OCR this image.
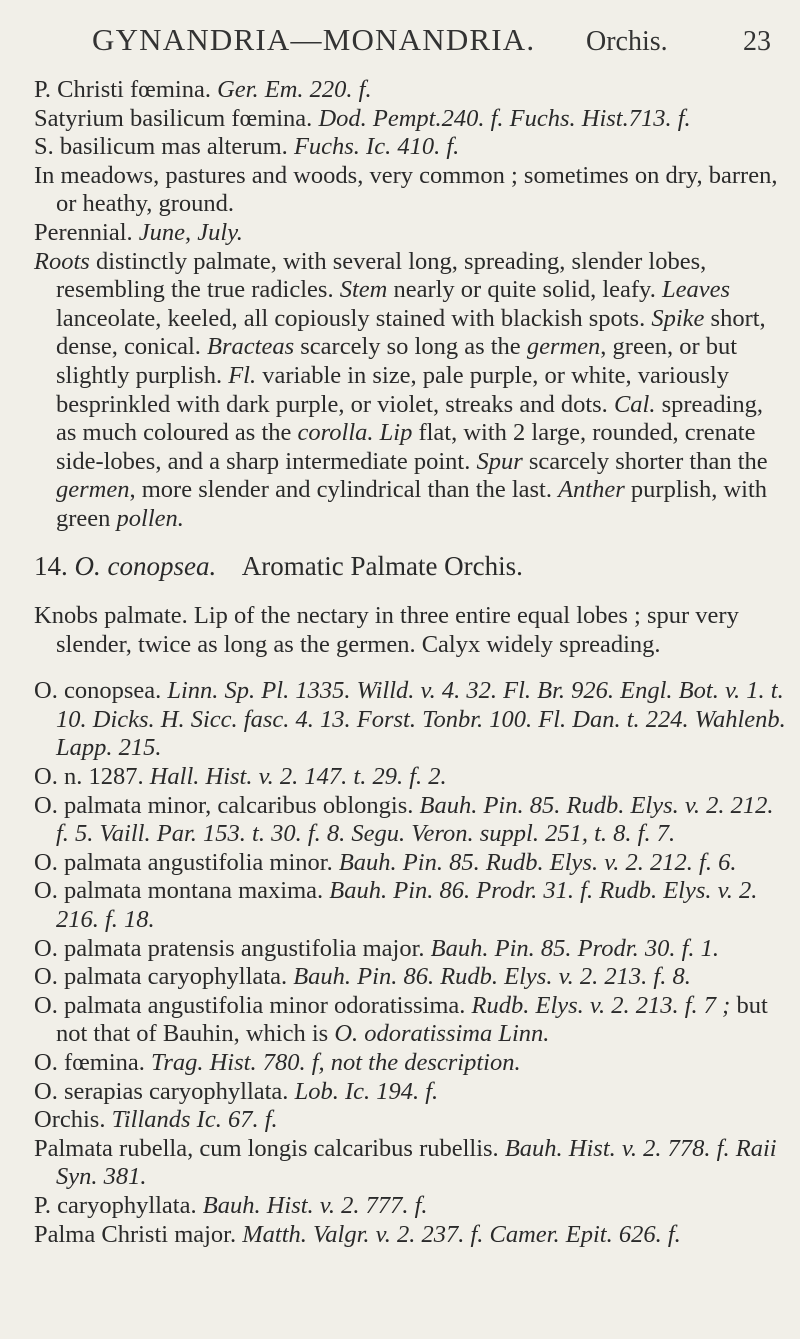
GYNANDRIA—MONANDRIA. Orchis.	23

P. Christi fœmina. Ger. Em. 220. f.

Satyrium basilicum fœmina. Dod. Pempt.240. f. Fuchs. Hist.713. f.

S. basilicum mas alterum. Fuchs. Ic. 410. f.

In meadows, pastures and woods, very common ; sometimes on dry, barren, or heathy, ground.

Perennial. June, July.

Roots distinctly palmate, with several long, spreading, slender lobes, resembling the true radicles. Stem nearly or quite solid, leafy. Leaves lanceolate, keeled, all copiously stained with blackish spots. Spike short, dense, conical. Bracteas scarcely so long as the germen, green, or but slightly purplish. Fl. variable in size, pale purple, or white, variously besprinkled with dark purple, or violet, streaks and dots. Cal. spreading, as much coloured as the corolla. Lip flat, with 2 large, rounded, crenate side-lobes, and a sharp intermediate point. Spur scarcely shorter than the germen, more slender and cylindrical than the last. Anther purplish, with green pollen.

14. O. conopsea. Aromatic Palmate Orchis.

Knobs palmate. Lip of the nectary in three entire equal lobes ; spur very slender, twice as long as the germen. Calyx widely spreading.

O. conopsea. Linn. Sp. Pl. 1335. Willd. v. 4. 32. Fl. Br. 926. Engl. Bot. v. 1. t. 10. Dicks. H. Sicc. fasc. 4. 13. Forst. Tonbr. 100. Fl. Dan. t. 224. Wahlenb. Lapp. 215.

O. n. 1287. Hall. Hist. v. 2. 147. t. 29. f. 2.

O. palmata minor, calcaribus oblongis. Bauh. Pin. 85. Rudb. Elys. v. 2. 212. f. 5. Vaill. Par. 153. t. 30. f. 8. Segu. Veron. suppl. 251, t. 8. f. 7.

O. palmata angustifolia minor. Bauh. Pin. 85. Rudb. Elys. v. 2. 212. f. 6.

O. palmata montana maxima. Bauh. Pin. 86. Prodr. 31. f. Rudb. Elys. v. 2. 216. f. 18.

O. palmata pratensis angustifolia major. Bauh. Pin. 85. Prodr. 30. f. 1.

O. palmata caryophyllata. Bauh. Pin. 86. Rudb. Elys. v. 2. 213. f. 8.

O. palmata angustifolia minor odoratissima. Rudb. Elys. v. 2. 213. f. 7 ; but not that of Bauhin, which is O. odoratissima Linn.

O. fœmina. Trag. Hist. 780. f, not the description.

O. serapias caryophyllata. Lob. Ic. 194. f.

Orchis. Tillands Ic. 67. f.

Palmata rubella, cum longis calcaribus rubellis. Bauh. Hist. v. 2. 778. f. Raii Syn. 381.

P. caryophyllata. Bauh. Hist. v. 2. 777. f.

Palma Christi major. Matth. Valgr. v. 2. 237. f. Camer. Epit. 626. f.
